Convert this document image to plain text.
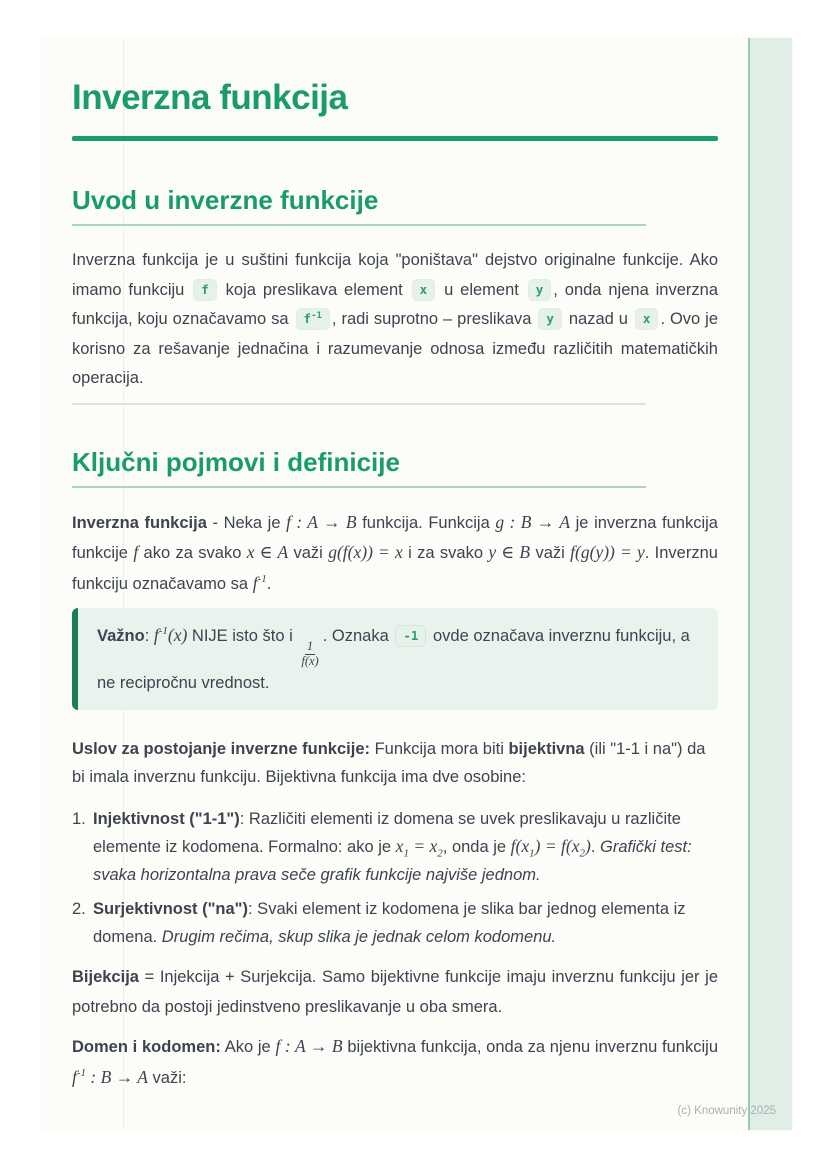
Inverzna funkcija
Uvod u inverzne funkcije

Inverzna funkcija je u suštini funkcija koja "poništava" dejstvo originalne funkcije. Ako imamo funkciju f koja preslikava element x u element y , onda njena inverzna funkcija, koju označavamo sa $f^{-1}$ , radi suprotno – preslikava y nazad u x . Ovo je korisno za rešavanje jednačina i razumevanje odnosa između različitih matematičkih operacija.

Ključni pojmovi i definicije

Inverzna funkcija - Neka je f : A → B funkcija. Funkcija g : B → A je inverzna funkcija funkcije f ako za svako x ∈ A važi g(f(x)) = x i za svako y ∈ B važi f(g(y)) = y. Inverznu funkciju označavamo sa $f^{-1}$.

Važno: $f^{-1}(x)$ NIJE isto što i
$\frac{1}{f(x)}$
. Oznaka -1 ovde označava inverznu funkciju, a ne recipročnu vrednost.

Uslov za postojanje inverzne funkcije: Funkcija mora biti bijektivna (ili "1-1 i na") da bi imala inverznu funkciju. Bijektivna funkcija ima dve osobine:

1. Injektivnost ("1-1"): Različiti elementi iz domena se uvek preslikavaju u različite elemente iz kodomena. Formalno: ako je $x_1 = x_2$, onda je $f(x_1) = f(x_2)$. Grafički test: svaka horizontalna prava seče grafik funkcije najviše jednom.
2. Surjektivnost ("na"): Svaki element iz kodomena je slika bar jednog elementa iz domena. Drugim rečima, skup slika je jednak celom kodomenu.

Bijekcija = Injekcija + Surjekcija. Samo bijektivne funkcije imaju inverznu funkciju jer je potrebno da postoji jedinstveno preslikavanje u oba smera.

Domen i kodomen: Ako je f : A → B bijektivna funkcija, onda za njenu inverznu funkciju $f^{-1}$ : B → A važi:

(c) Knowunity 2025
